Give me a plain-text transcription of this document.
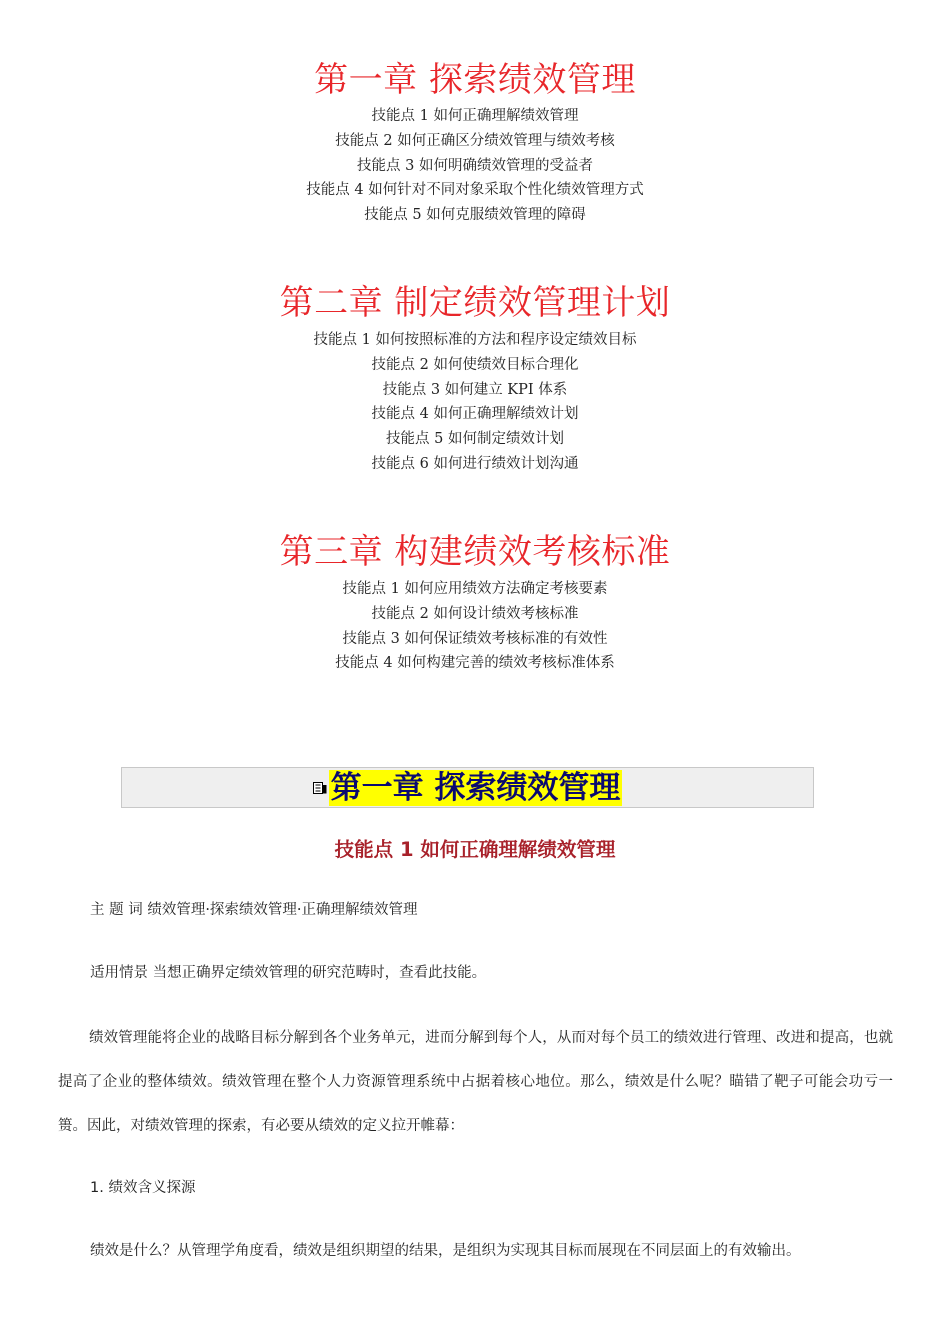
第一章 探索绩效管理
技能点 1 如何正确理解绩效管理
技能点 2 如何正确区分绩效管理与绩效考核
技能点 3 如何明确绩效管理的受益者
技能点 4 如何针对不同对象采取个性化绩效管理方式
技能点 5 如何克服绩效管理的障碍
第二章 制定绩效管理计划
技能点 1 如何按照标准的方法和程序设定绩效目标
技能点 2 如何使绩效目标合理化
技能点 3 如何建立 KPI 体系
技能点 4 如何正确理解绩效计划
技能点 5 如何制定绩效计划
技能点 6 如何进行绩效计划沟通
第三章 构建绩效考核标准
技能点 1 如何应用绩效方法确定考核要素
技能点 2 如何设计绩效考核标准
技能点 3 如何保证绩效考核标准的有效性
技能点 4 如何构建完善的绩效考核标准体系
第一章 探索绩效管理
技能点 1 如何正确理解绩效管理

主 题 词 绩效管理·探索绩效管理·正确理解绩效管理

适用情景 当想正确界定绩效管理的研究范畴时，查看此技能。

绩效管理能将企业的战略目标分解到各个业务单元，进而分解到每个人，从而对每个员工的绩效进行管理、改进和提高，也就提高了企业的整体绩效。绩效管理在整个人力资源管理系统中占据着核心地位。那么，绩效是什么呢？瞄错了靶子可能会功亏一篑。因此，对绩效管理的探索，有必要从绩效的定义拉开帷幕：

1. 绩效含义探源

绩效是什么？从管理学角度看，绩效是组织期望的结果，是组织为实现其目标而展现在不同层面上的有效输出。
